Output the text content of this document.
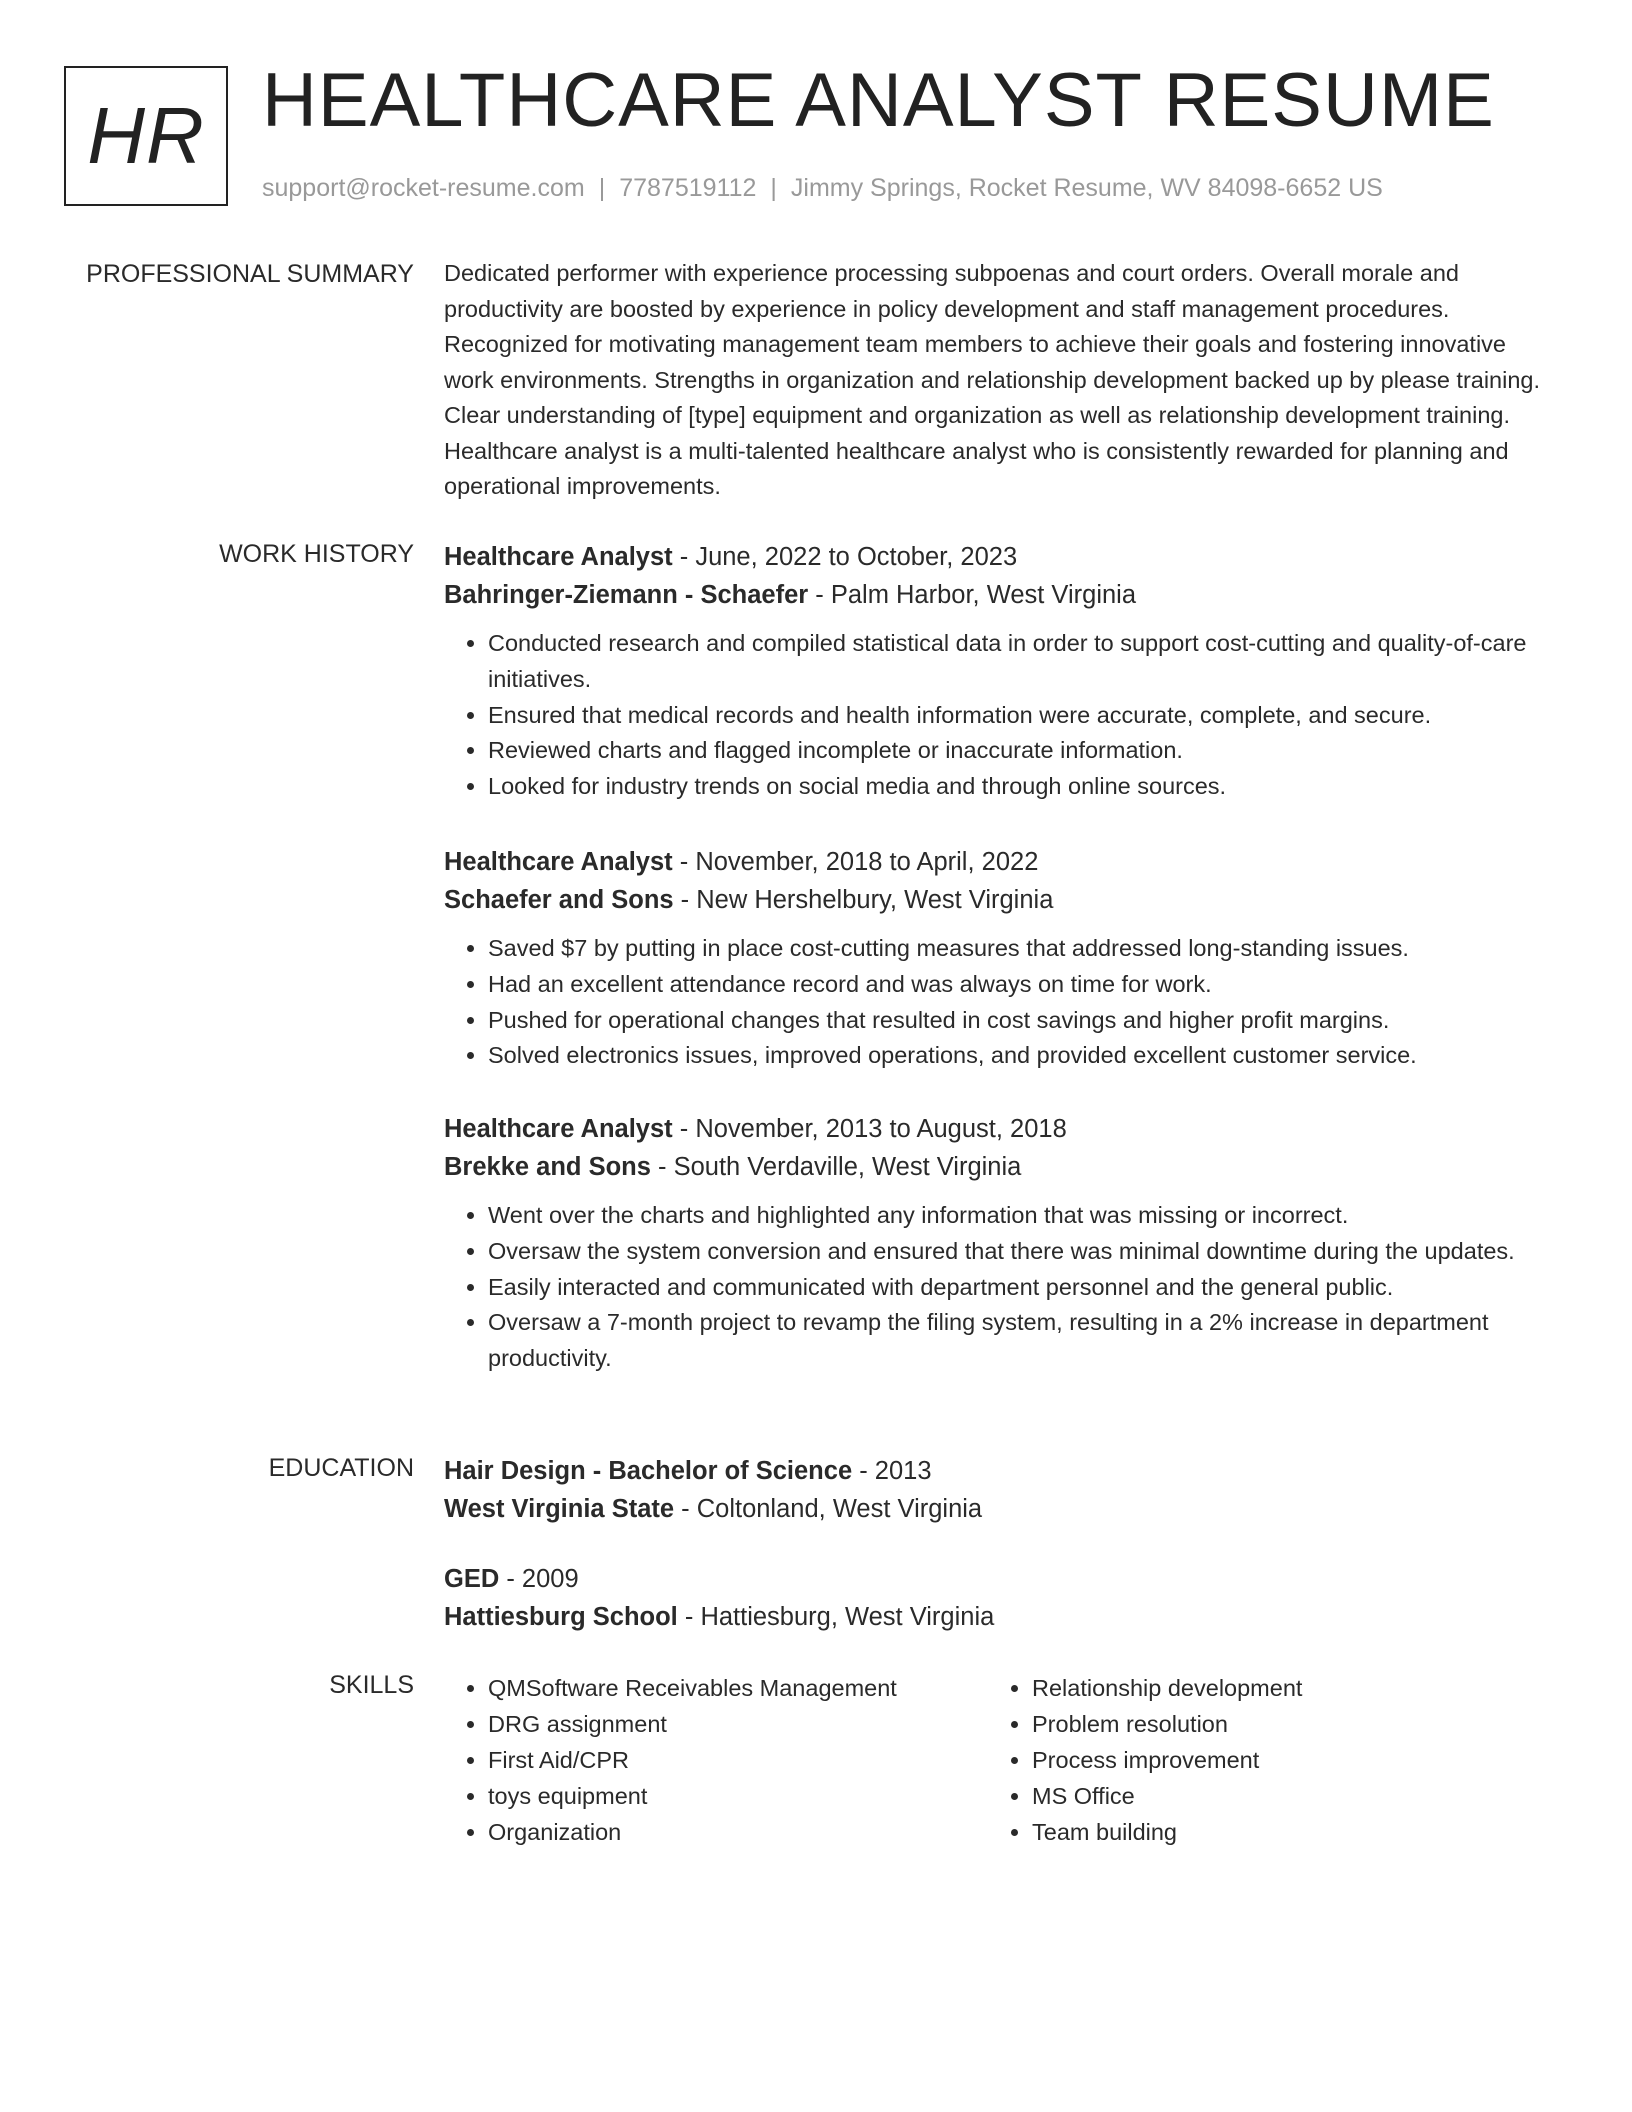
HR HEALTHCARE ANALYST RESUME
support@rocket-resume.com | 7787519112 | Jimmy Springs, Rocket Resume, WV 84098-6652 US
PROFESSIONAL SUMMARY Dedicated performer with experience processing subpoenas and court orders. Overall morale and productivity are boosted by experience in policy development and staff management procedures. Recognized for motivating management team members to achieve their goals and fostering innovative work environments. Strengths in organization and relationship development backed up by please training. Clear understanding of [type] equipment and organization as well as relationship development training. Healthcare analyst is a multi-talented healthcare analyst who is consistently rewarded for planning and operational improvements.
WORK HISTORY Healthcare Analyst - June, 2022 to October, 2023
Bahringer-Ziemann - Schaefer - Palm Harbor, West Virginia
• Conducted research and compiled statistical data in order to support cost-cutting and quality-of-care initiatives.
• Ensured that medical records and health information were accurate, complete, and secure.
• Reviewed charts and flagged incomplete or inaccurate information.
• Looked for industry trends on social media and through online sources.
Healthcare Analyst - November, 2018 to April, 2022
Schaefer and Sons - New Hershelbury, West Virginia
• Saved $7 by putting in place cost-cutting measures that addressed long-standing issues.
• Had an excellent attendance record and was always on time for work.
• Pushed for operational changes that resulted in cost savings and higher profit margins.
• Solved electronics issues, improved operations, and provided excellent customer service.
Healthcare Analyst - November, 2013 to August, 2018
Brekke and Sons - South Verdaville, West Virginia
• Went over the charts and highlighted any information that was missing or incorrect.
• Oversaw the system conversion and ensured that there was minimal downtime during the updates.
• Easily interacted and communicated with department personnel and the general public.
• Oversaw a 7-month project to revamp the filing system, resulting in a 2% increase in department productivity.
EDUCATION Hair Design - Bachelor of Science - 2013
West Virginia State - Coltonland, West Virginia
GED - 2009
Hattiesburg School - Hattiesburg, West Virginia
SKILLS
•	QMSoftware Receivables Management
• DRG assignment
• First Aid/CPR
• toys equipment
• Organization
• Relationship development
• Problem resolution
• Process improvement
• MS Office
• Team building
